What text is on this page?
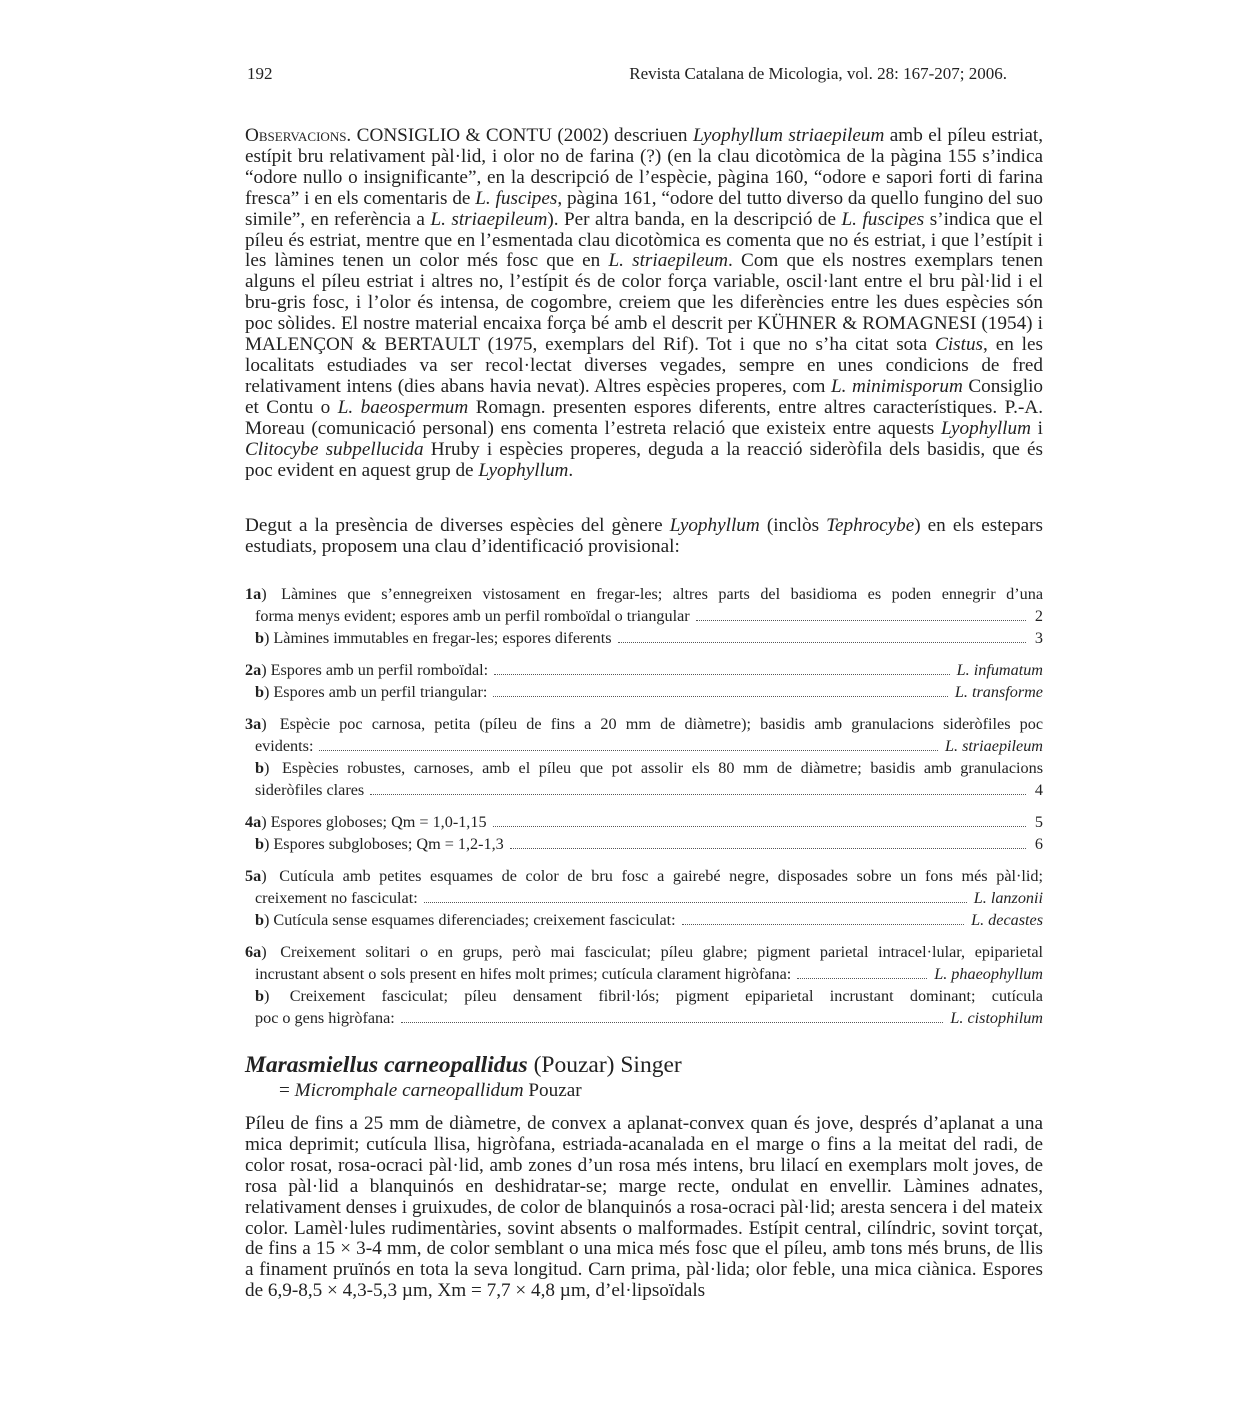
192	Revista Catalana de Micologia, vol. 28: 167-207; 2006.

Observacions. CONSIGLIO & CONTU (2002) descriuen Lyophyllum striaepileum amb el píleu estriat, estípit bru relativament pàl·lid, i olor no de farina (?) (en la clau dicotòmica de la pàgina 155 s’indica “odore nullo o insignificante”, en la descripció de l’espècie, pàgina 160, “odore e sapori forti di farina fresca” i en els comentaris de L. fuscipes, pàgina 161, “odore del tutto diverso da quello fungino del suo simile”, en referència a L. striaepileum). Per altra banda, en la descripció de L. fuscipes s’indica que el píleu és estriat, mentre que en l’esmentada clau dicotòmica es comenta que no és estriat, i que l’estípit i les làmines tenen un color més fosc que en L. striaepileum. Com que els nostres exemplars tenen alguns el píleu estriat i altres no, l’estípit és de color força variable, oscil·lant entre el bru pàl·lid i el bru-gris fosc, i l’olor és intensa, de cogombre, creiem que les diferències entre les dues espècies són poc sòlides. El nostre material encaixa força bé amb el descrit per KÜHNER & ROMAGNESI (1954) i MALENÇON & BERTAULT (1975, exemplars del Rif). Tot i que no s’ha citat sota Cistus, en les localitats estudiades va ser recol·lectat diverses vegades, sempre en unes condicions de fred relativament intens (dies abans havia nevat). Altres espècies properes, com L. minimisporum Consiglio et Contu o L. baeospermum Romagn. presenten espores diferents, entre altres característiques. P.-A. Moreau (comunicació personal) ens comenta l’estreta relació que existeix entre aquests Lyophyllum i Clitocybe subpellucida Hruby i espècies properes, deguda a la reacció sideròfila dels basidis, que és poc evident en aquest grup de Lyophyllum.

Degut a la presència de diverses espècies del gènere Lyophyllum (inclòs Tephrocybe) en els estepars estudiats, proposem una clau d’identificació provisional:

1a) Làmines que s’ennegreixen vistosament en fregar-les; altres parts del basidioma es poden ennegrir d’una
forma menys evident; espores amb un perfil romboïdal o triangular	2
b) Làmines immutables en fregar-les; espores diferents	3
2a) Espores amb un perfil romboïdal:	L. infumatum
b) Espores amb un perfil triangular:	L. transforme
3a) Espècie poc carnosa, petita (píleu de fins a 20 mm de diàmetre); basidis amb granulacions sideròfiles poc
evidents:	L. striaepileum
b) Espècies robustes, carnoses, amb el píleu que pot assolir els 80 mm de diàmetre; basidis amb granulacions
sideròfiles clares	4
4a) Espores globoses; Qm = 1,0-1,15	5
b) Espores subgloboses; Qm = 1,2-1,3	6
5a) Cutícula amb petites esquames de color de bru fosc a gairebé negre, disposades sobre un fons més pàl·lid;
creixement no fasciculat:	L. lanzonii
b) Cutícula sense esquames diferenciades; creixement fasciculat:	L. decastes
6a) Creixement solitari o en grups, però mai fasciculat; píleu glabre; pigment parietal intracel·lular, epiparietal
incrustant absent o sols present en hifes molt primes; cutícula clarament higròfana:	L. phaeophyllum
b) Creixement fasciculat; píleu densament fibril·lós; pigment epiparietal incrustant dominant; cutícula
poc o gens higròfana:	L. cistophilum
Marasmiellus carneopallidus (Pouzar) Singer
= Micromphale carneopallidum Pouzar

Píleu de fins a 25 mm de diàmetre, de convex a aplanat-convex quan és jove, després d’aplanat a una mica deprimit; cutícula llisa, higròfana, estriada-acanalada en el marge o fins a la meitat del radi, de color rosat, rosa-ocraci pàl·lid, amb zones d’un rosa més intens, bru lilací en exemplars molt joves, de rosa pàl·lid a blanquinós en deshidratar-se; marge recte, ondulat en envellir. Làmines adnates, relativament denses i gruixudes, de color de blanquinós a rosa-ocraci pàl·lid; aresta sencera i del mateix color. Lamèl·lules rudimentàries, sovint absents o malformades. Estípit central, cilíndric, sovint torçat, de fins a 15 × 3-4 mm, de color semblant o una mica més fosc que el píleu, amb tons més bruns, de llis a finament pruïnós en tota la seva longitud. Carn prima, pàl·lida; olor feble, una mica ciànica. Espores de 6,9-8,5 × 4,3-5,3 µm, Xm = 7,7 × 4,8 µm, d’el·lipsoïdals
